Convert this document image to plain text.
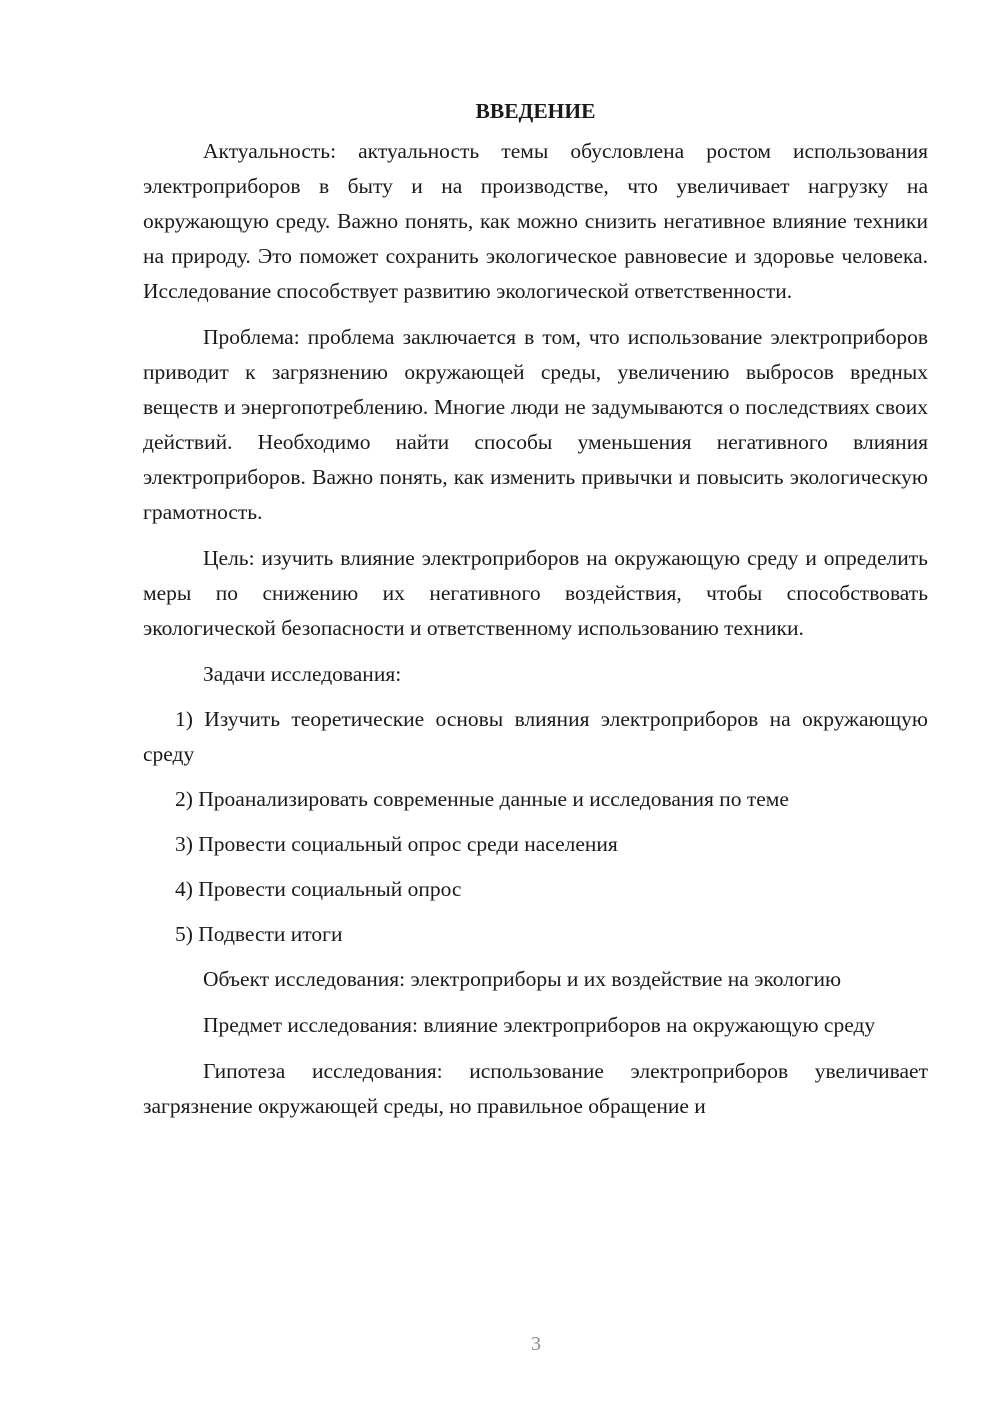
ВВЕДЕНИЕ

Актуальность: актуальность темы обусловлена ростом использования электроприборов в быту и на производстве, что увеличивает нагрузку на окружающую среду. Важно понять, как можно снизить негативное влияние техники на природу. Это поможет сохранить экологическое равновесие и здоровье человека. Исследование способствует развитию экологической ответственности.

Проблема: проблема заключается в том, что использование электроприборов приводит к загрязнению окружающей среды, увеличению выбросов вредных веществ и энергопотреблению. Многие люди не задумываются о последствиях своих действий. Необходимо найти способы уменьшения негативного влияния электроприборов. Важно понять, как изменить привычки и повысить экологическую грамотность.

Цель: изучить влияние электроприборов на окружающую среду и определить меры по снижению их негативного воздействия, чтобы способствовать экологической безопасности и ответственному использованию техники.

Задачи исследования:

1) Изучить теоретические основы влияния электроприборов на окружающую среду
2) Проанализировать современные данные и исследования по теме
3) Провести социальный опрос среди населения
4) Провести социальный опрос
5) Подвести итоги

Объект исследования: электроприборы и их воздействие на экологию

Предмет исследования: влияние электроприборов на окружающую среду

Гипотеза исследования: использование электроприборов увеличивает загрязнение окружающей среды, но правильное обращение и

3
